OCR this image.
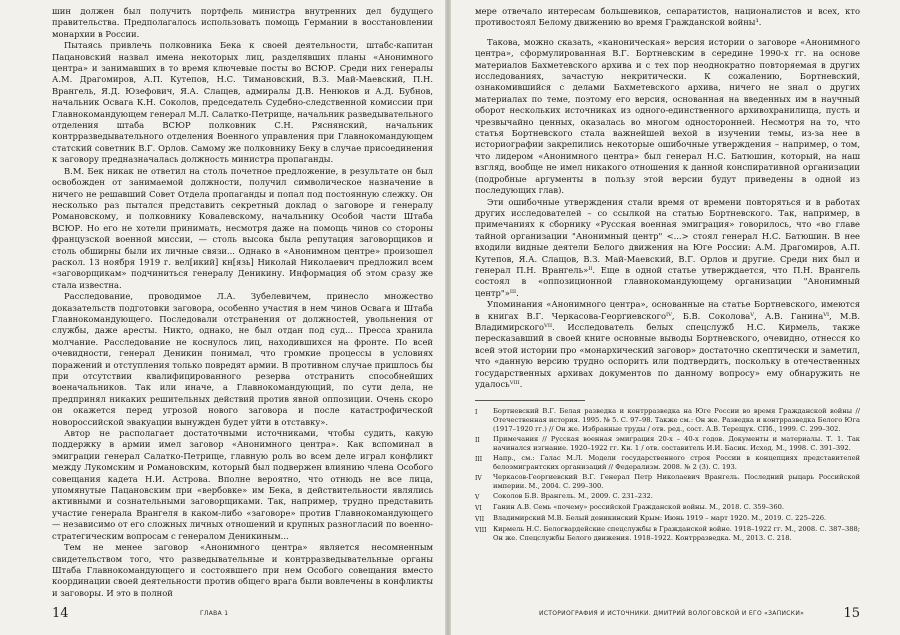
шин должен был получить портфель министра внутренних дел будущего правительства. Предполагалось использовать помощь Германии в восстановлении монархии в России.

Пытаясь привлечь полковника Бека к своей деятельности, штабс-капитан Пацановский назвал имена некоторых лиц, разделявших планы «Анонимного центра» и занимавших в то время ключевые посты во ВСЮР. Среди них генералы А.М. Драгомиров, А.П. Кутепов, Н.С. Тимановский, В.З. Май-Маевский, П.Н. Врангель, Я.Д. Юзефович, Я.А. Слащев, адмиралы Д.В. Ненюков и А.Д. Бубнов, начальник Освага К.Н. Соколов, председатель Судебно-следственной комиссии при Главнокомандующем генерал М.Л. Салатко-Петрище, начальник разведывательного отделения штаба ВСЮР полковник С.Н. Ряснянский, начальник контрразведывательного отделения Военного управления при Главнокомандующем статский советник В.Г. Орлов. Самому же полковнику Беку в случае присоединения к заговору предназначалась должность министра пропаганды.

В.М. Бек никак не ответил на столь почетное предложение, в результате он был освобожден от занимаемой должности, получил символическое назначение в ничего не решавший Совет Отдела пропаганды и попал под постоянную слежку. Он несколько раз пытался представить секретный доклад о заговоре и генералу Романовскому, и полковнику Ковалевскому, начальнику Особой части Штаба ВСЮР. Но его не хотели принимать, несмотря даже на помощь чинов со стороны французской военной миссии, — столь высока была репутация заговорщиков и столь обширны были их личные связи... Однако в «Анонимном центре» произошел раскол. 13 ноября 1919 г. вел[икий] кн[язь] Николай Николаевич предложил всем «заговорщикам» подчиниться генералу Деникину. Информация об этом сразу же стала известна.

Расследование, проводимое Л.А. Зубелевичем, принесло множество доказательств подготовки заговора, особенно участия в нем чинов Освага и Штаба Главнокомандующего. Последовали отстранения от должностей, увольнения от службы, даже аресты. Никто, однако, не был отдан под суд... Пресса хранила молчание. Расследование не коснулось лиц, находившихся на фронте. По всей очевидности, генерал Деникин понимал, что громкие процессы в условиях поражений и отступления только повредят армии. В противном случае пришлось бы при отсутствии квалифицированного резерва отстранить способнейших военачальников. Так или иначе, а Главнокомандующий, по сути дела, не предпринял никаких решительных действий против явной оппозиции. Очень скоро он окажется перед угрозой нового заговора и после катастрофической новороссийской эвакуации вынужден будет уйти в отставку».

Автор не располагает достаточными источниками, чтобы судить, какую поддержку в армии имел заговор «Анонимного центра». Как вспоминал в эмиграции генерал Салатко-Петрище, главную роль во всем деле играл конфликт между Лукомским и Романовским, который был подвержен влиянию члена Особого совещания кадета Н.И. Астрова. Вполне вероятно, что отнюдь не все лица, упомянутые Пацановским при «вербовке» им Бека, в действительности являлись активными и сознательными заговорщиками. Так, например, трудно представить участие генерала Врангеля в каком-либо «заговоре» против Главнокомандующего — независимо от его сложных личных отношений и крупных разногласий по военно-стратегическим вопросам с генералом Деникиным...

Тем не менее заговор «Анонимного центра» является несомненным свидетельством того, что разведывательные и контрразведывательные органы Штаба Главнокомандующего и состоявшего при нем Особого совещания вместо координации своей деятельности против общего врага были вовлечены в конфликты и заговоры. И это в полной

14	ГЛАВА 1

мере отвечало интересам большевиков, сепаратистов, националистов и всех, кто противостоял Белому движению во время Гражданской войны¹.

Такова, можно сказать, «каноническая» версия истории о заговоре «Анонимного центра», сформулированная В.Г. Бортневским в середине 1990-х гг. на основе материалов Бахметевского архива и с тех пор неоднократно повторяемая в других исследованиях, зачастую некритически. К сожалению, Бортневский, ознакомившийся с делами Бахметевского архива, ничего не знал о других материалах по теме, поэтому его версия, основанная на введенных им в научный оборот нескольких источниках из одного-единственного архивохранилища, пусть и чрезвычайно ценных, оказалась во многом односторонней. Несмотря на то, что статья Бортневского стала важнейшей вехой в изучении темы, из-за нее в историографии закрепились некоторые ошибочные утверждения – например, о том, что лидером «Анонимного центра» был генерал Н.С. Батюшин, который, на наш взгляд, вообще не имел никакого отношения к данной конспиративной организации (подробные аргументы в пользу этой версии будут приведены в одной из последующих глав).

Эти ошибочные утверждения стали время от времени повторяться и в работах других исследователей – со ссылкой на статью Бортневского. Так, например, в примечаниях к сборнику «Русская военная эмиграция» говорилось, что «во главе тайной организации "Анонимный центр" <...> стоял генерал Н.С. Батюшин. В нее входили видные деятели Белого движения на Юге России: А.М. Драгомиров, А.П. Кутепов, Я.А. Слащов, В.З. Май-Маевский, В.Г. Орлов и другие. Среди них был и генерал П.Н. Врангель»ᴵᴵ. Еще в одной статье утверждается, что П.Н. Врангель состоял в «оппозиционной главнокомандующему организации "Анонимный центр"»ᴵᴵᴵ.

Упоминания «Анонимного центра», основанные на статье Бортневского, имеются в книгах В.Г. Черкасова-Георгиевскогоᴵⱽ, Б.В. Соколоваⱽ, А.В. Ганинаⱽᴵ, М.В. Владимирскогоⱽᴵᴵ. Исследователь белых спецслужб Н.С. Кирмель, также пересказавший в своей книге основные выводы Бортневского, очевидно, отнесся ко всей этой истории про «монархический заговор» достаточно скептически и заметил, что «данную версию трудно оспорить или подтвердить, поскольку в отечественных государственных архивах документов по данному вопросу» ему обнаружить не удалосьⱽᴵᴵᴵ.

I	Бортневский В.Г. Белая разведка и контрразведка на Юге России во время Гражданской войны // Отечественная история. 1995. № 5. С. 97–98. Также см.: Он же. Разведка и контрразведка Белого Юга (1917–1920 гг.) // Он же. Избранные труды / отв. ред., сост. А.В. Терещук. СПб., 1999. С. 299–302.
II	Примечания // Русская военная эмиграция 20-х – 40-х годов. Документы и материалы. Т. 1. Так начинался изгнание. 1920–1922 гг. Кн. 1 / отв. составитель И.И. Басик. Исход. М., 1998. С. 391–392.
III	Напр., см.: Галас М.Л. Модели государственного строя России в концепциях представителей белоэмигрантских организаций // Федерализм. 2008. № 2 (3). С. 193.
IV	Черкасов-Георгиевский В.Г. Генерал Петр Николаевич Врангель. Последний рыцарь Российской империи. М., 2004. С. 299–300.
V	Соколов Б.В. Врангель. М., 2009. С. 231–232.
VI	Ганин А.В. Семь «почему» российской Гражданской войны. М., 2018. С. 359–360.
VII	Владимирский М.В. Белый деникинский Крым: Июнь 1919 – март 1920. М., 2019. С. 225–226.
VIII Кирмель Н.С. Белогвардейские спецслужбы в Гражданской войне. 1918–1922 гг. М., 2008. С. 387–388; Он же. Спецслужбы Белого движения. 1918–1922. Контрразведка. М., 2013. С. 218.
ИСТОРИОГРАФИЯ И ИСТОЧНИКИ. ДМИТРИЙ ВОЛОГОВСКОЙ И ЕГО «ЗАПИСКИ»	15
